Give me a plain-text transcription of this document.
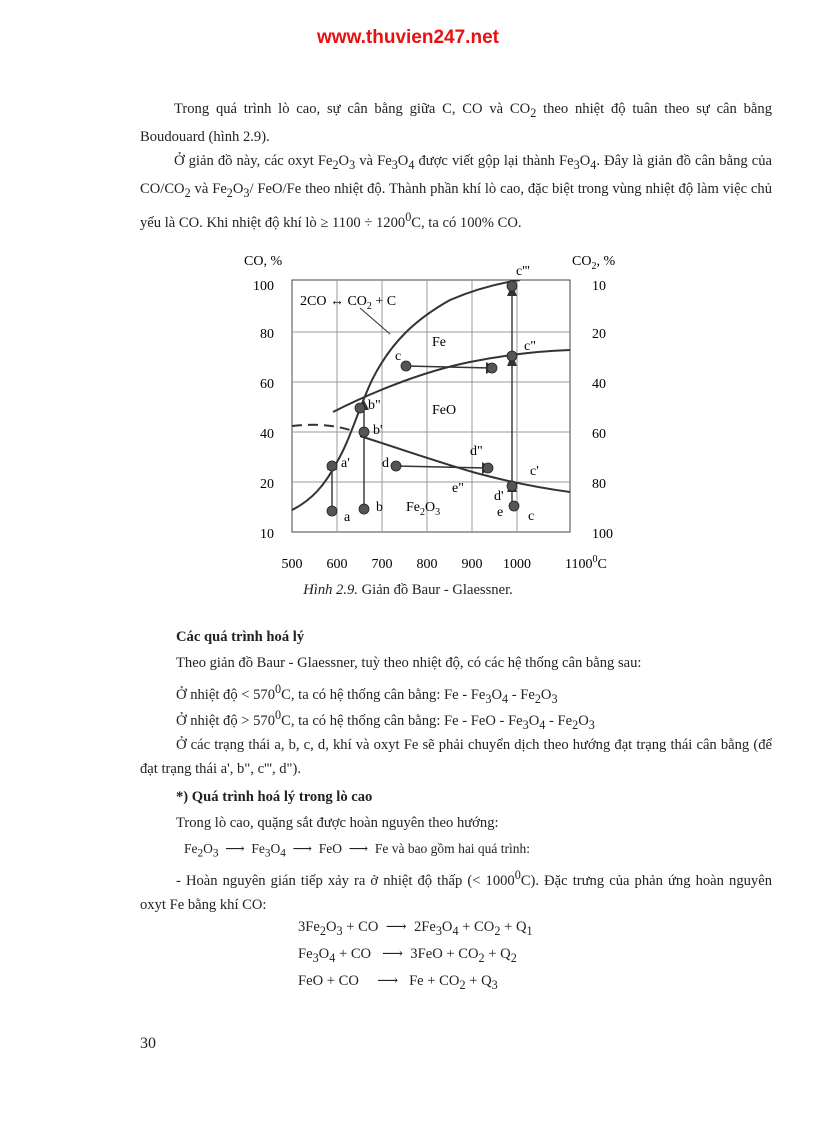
www.thuvien247.net

Trong quá trình lò cao, sự cân bằng giữa C, CO và $CO_2$ theo nhiệt độ tuân theo sự cân bằng Boudouard (hình 2.9).

Ở giản đồ này, các oxyt $Fe_2O_3$ và $Fe_3O_4$ được viết gộp lại thành $Fe_3O_4$. Đây là giản đồ cân bằng của $CO/CO_2$ và $Fe_2O_3/$ FeO/Fe theo nhiệt độ. Thành phần khí lò cao, đặc biệt trong vùng nhiệt độ làm việc chủ yếu là CO. Khi nhiệt độ khí lò ≥ $1100 \div 1200^0C$, ta có 100% CO.

CO, %	$CO_2$, %
100
80
60
40
20
10
10
20
40
60
80
100
500 600 700 800 900 1000 1100$^0$C
2CO ↔ $CO_2 + C$
Fe
FeO
$Fe_2O_3$
a
a'
b
b'
b"
c
c'
c"
c'''
d
d'
d"
e
e"
c
Hình 2.9. Giản đồ Baur - Glaessner.
Các quá trình hoá lý
Theo giản đồ Baur - Glaessner, tuỳ theo nhiệt độ, có các hệ thống cân bằng sau:
Ở nhiệt độ < $570^0C$, ta có hệ thống cân bằng: Fe - $Fe_3O_4 - Fe_2O_3$
Ở nhiệt độ > $570^0C$, ta có hệ thống cân bằng: Fe - FeO - $Fe_3O_4 - Fe_2O_3$

Ở các trạng thái a, b, c, d, khí và oxyt Fe sẽ phải chuyển dịch theo hướng đạt trạng thái cân bằng (để đạt trạng thái a', b", c''', d").

*) Quá trình hoá lý trong lò cao
Trong lò cao, quặng sắt được hoàn nguyên theo hướng:
$Fe_2O_3$  ⟶  $Fe_3O_4$  ⟶  FeO  ⟶  Fe và bao gồm hai quá trình:

- Hoàn nguyên gián tiếp xảy ra ở nhiệt độ thấp (< $1000^0C$). Đặc trưng của phản ứng hoàn nguyên oxyt Fe bằng khí CO:

$3Fe_2O_3$ + CO  ⟶  $2Fe_3O_4 + CO_2 + Q_1$
$Fe_3O_4$ + CO   ⟶  $3FeO + CO_2 + Q_2$
FeO + CO     ⟶   $Fe + CO_2 + Q_3$
30
